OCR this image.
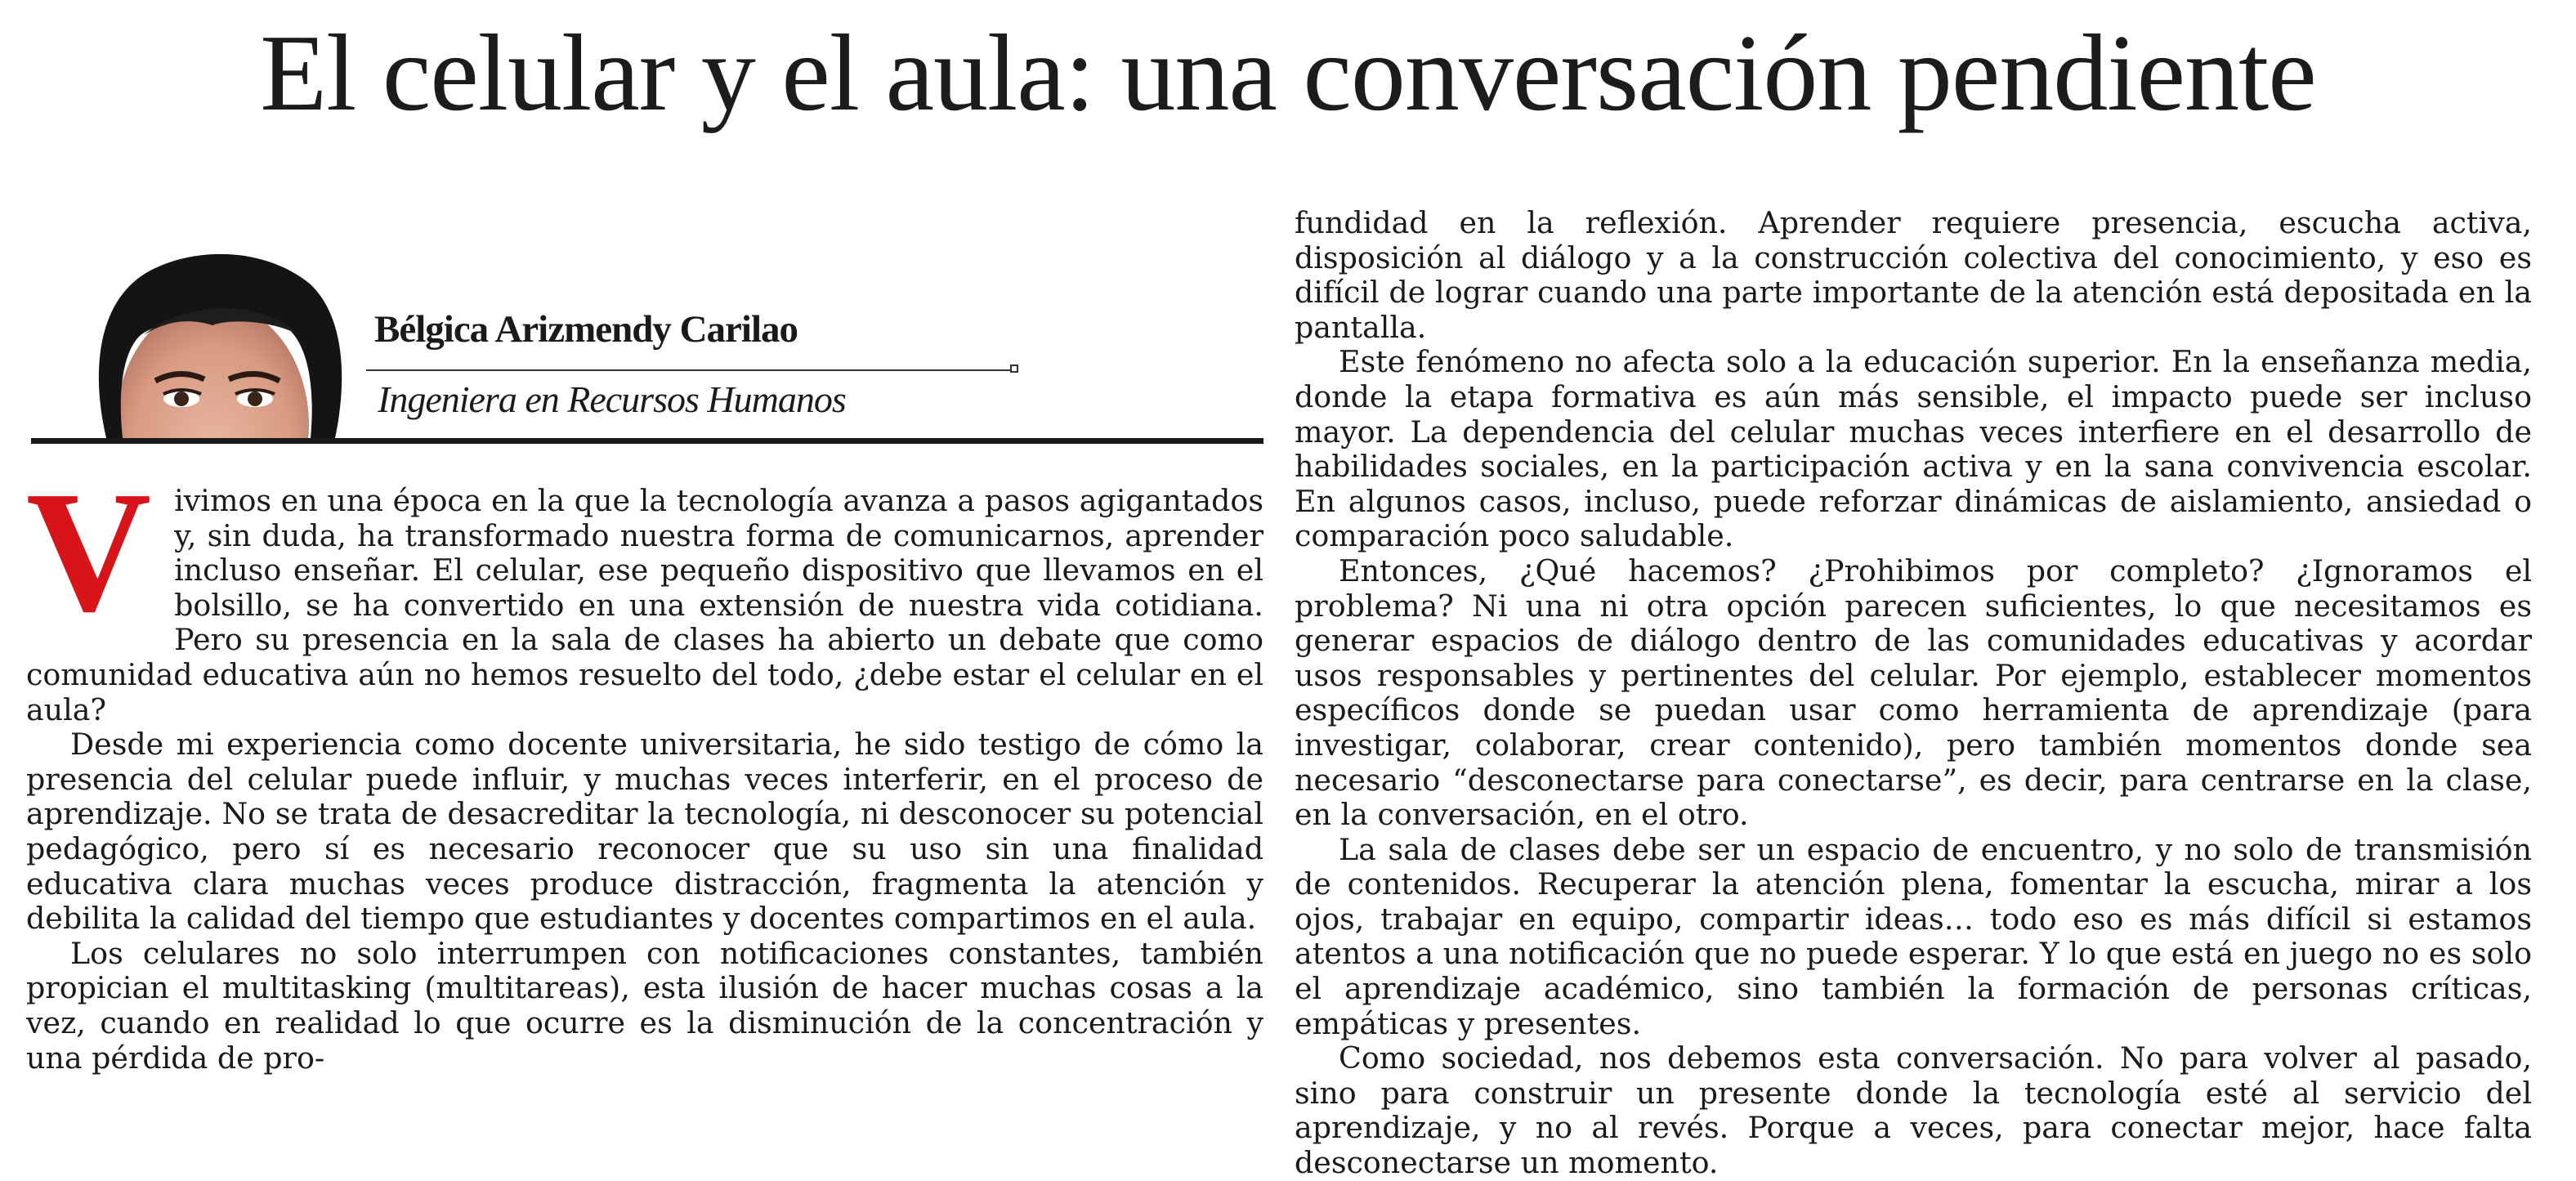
El celular y el aula: una conversación pendiente

Bélgica Arizmendy Carilao

Ingeniera en Recursos Humanos

Vivimos en una época en la que la tecnología avanza a pasos agigantados y, sin duda, ha transformado nuestra forma de comunicarnos, aprender incluso enseñar. El celular, ese pequeño dispositivo que llevamos en el bolsillo, se ha convertido en una extensión de nuestra vida cotidiana. Pero su presencia en la sala de clases ha abierto un debate que como comunidad educativa aún no hemos resuelto del todo, ¿debe estar el celular en el aula?

Desde mi experiencia como docente universitaria, he sido testigo de cómo la presencia del celular puede influir, y muchas veces interferir, en el proceso de aprendizaje. No se trata de desacreditar la tecnología, ni desconocer su potencial pedagógico, pero sí es necesario reconocer que su uso sin una finalidad educativa clara muchas veces produce distracción, fragmenta la atención y debilita la calidad del tiempo que estudiantes y docentes compartimos en el aula.

Los celulares no solo interrumpen con notificaciones constantes, también propician el multitasking (multitareas), esta ilusión de hacer muchas cosas a la vez, cuando en realidad lo que ocurre es la disminución de la concentración y una pérdida de pro-

fundidad en la reflexión. Aprender requiere presencia, escucha activa, disposición al diálogo y a la construcción colectiva del conocimiento, y eso es difícil de lograr cuando una parte importante de la atención está depositada en la pantalla.

Este fenómeno no afecta solo a la educación superior. En la enseñanza media, donde la etapa formativa es aún más sensible, el impacto puede ser incluso mayor. La dependencia del celular muchas veces interfiere en el desarrollo de habilidades sociales, en la participación activa y en la sana convivencia escolar. En algunos casos, incluso, puede reforzar dinámicas de aislamiento, ansiedad o comparación poco saludable.

Entonces, ¿Qué hacemos? ¿Prohibimos por completo? ¿Ignoramos el problema? Ni una ni otra opción parecen suficientes, lo que necesitamos es generar espacios de diálogo dentro de las comunidades educativas y acordar usos responsables y pertinentes del celular. Por ejemplo, establecer momentos específicos donde se puedan usar como herramienta de aprendizaje (para investigar, colaborar, crear contenido), pero también momentos donde sea necesario “desconectarse para conectarse”, es decir, para centrarse en la clase, en la conversación, en el otro.

La sala de clases debe ser un espacio de encuentro, y no solo de transmisión de contenidos. Recuperar la atención plena, fomentar la escucha, mirar a los ojos, trabajar en equipo, compartir ideas… todo eso es más difícil si estamos atentos a una notificación que no puede esperar. Y lo que está en juego no es solo el aprendizaje académico, sino también la formación de personas críticas, empáticas y presentes.

Como sociedad, nos debemos esta conversación. No para volver al pasado, sino para construir un presente donde la tecnología esté al servicio del aprendizaje, y no al revés. Porque a veces, para conectar mejor, hace falta desconectarse un momento.
